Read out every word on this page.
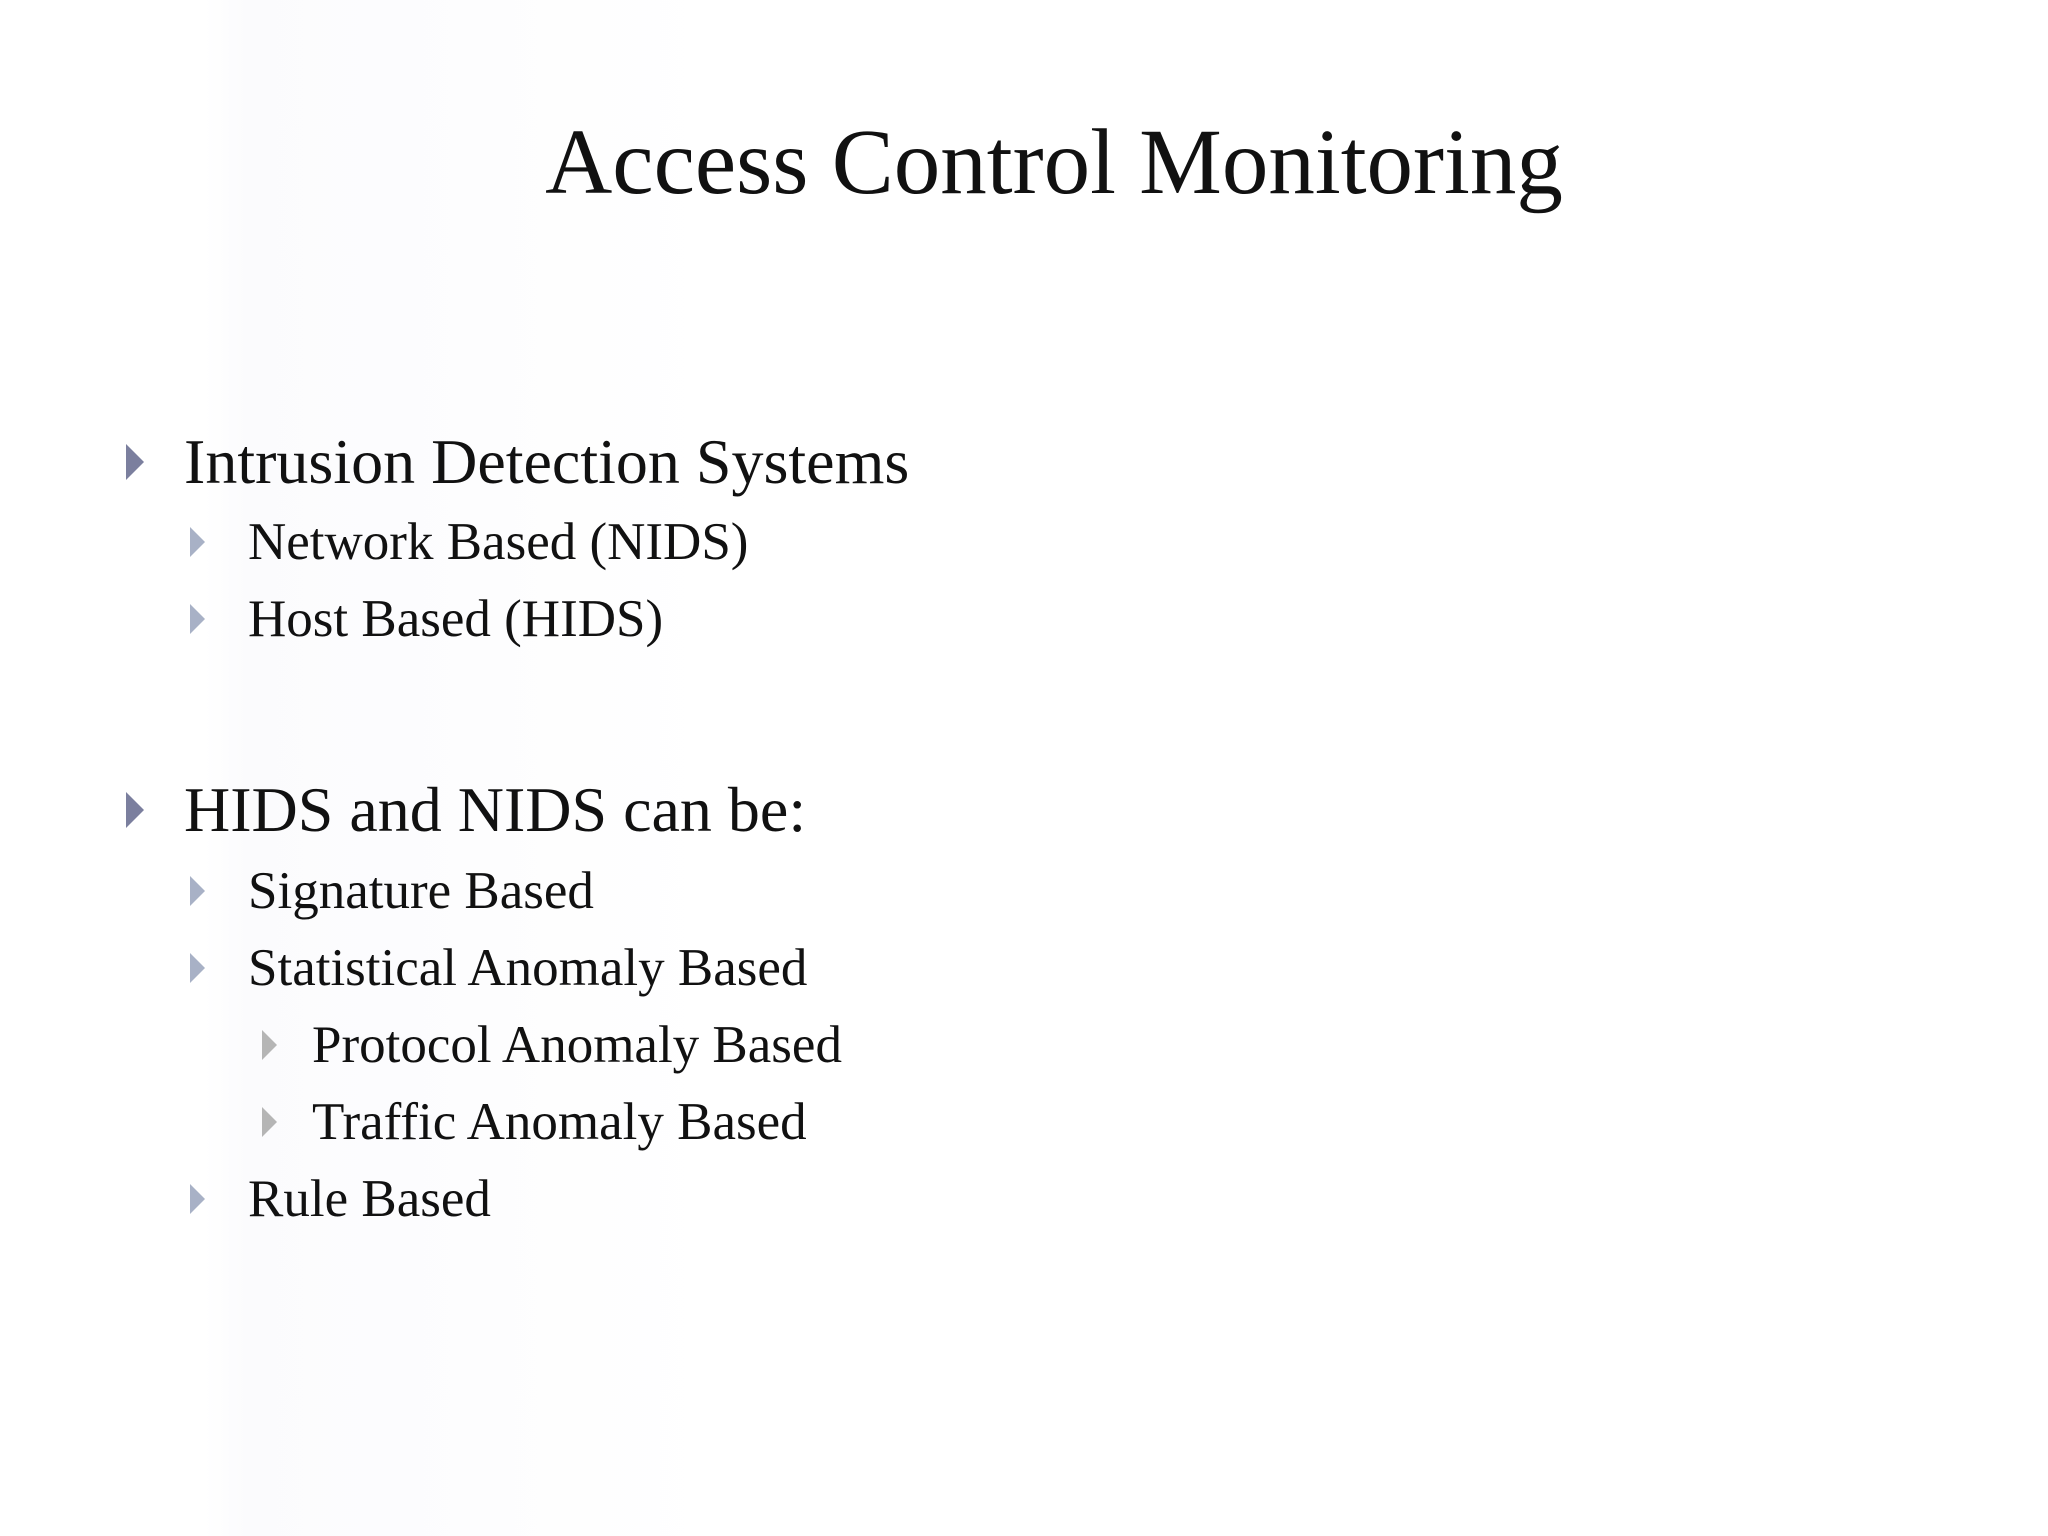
Access Control Monitoring
Intrusion Detection Systems
Network Based (NIDS)
Host Based (HIDS)
HIDS and NIDS can be:
Signature Based
Statistical Anomaly Based
Protocol Anomaly Based
Traffic Anomaly Based
Rule Based
